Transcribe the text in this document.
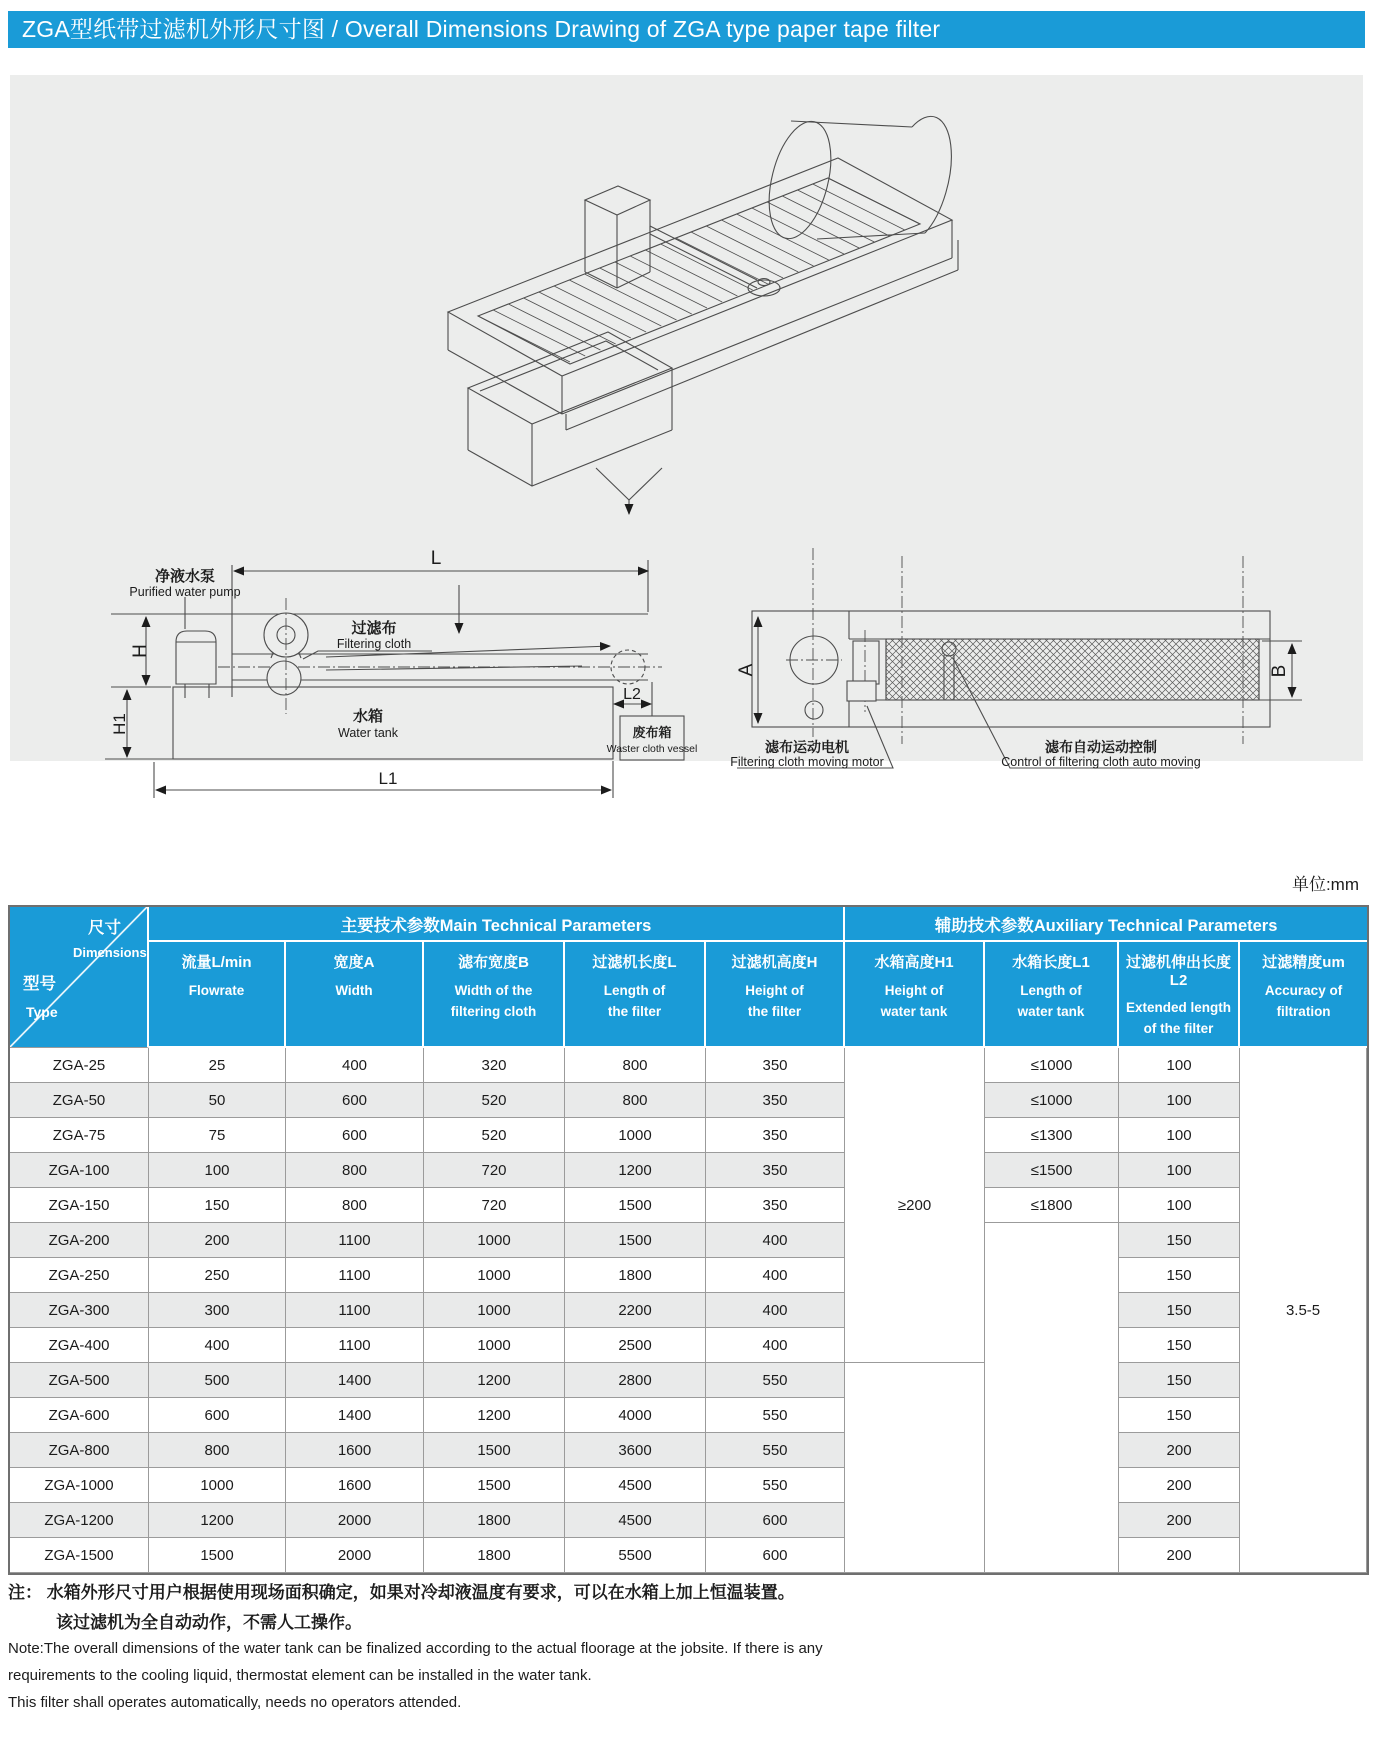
ZGA型纸带过滤机外形尺寸图 / Overall Dimensions Drawing of ZGA type paper tape filter
净液水泵
Purified water pump
过滤布
Filtering cloth
水箱
Water tank	废布箱
Waster cloth vessel	滤布运动电机
Filtering cloth moving motor
滤布自动运动控制
Control of filtering cloth auto moving
L
L1
L2
H
H1
A	B
单位:mm
尺寸
Dimensions
型号
Type	主要技术参数Main Technical Parameters					辅助技术参数Auxiliary Technical Parameters			

流量L/min
Flowrate

宽度A
Width

滤布宽度B
Width of the
filtering cloth

过滤机长度L
Length of
the filter

过滤机高度H
Height of
the filter

水箱高度H1
Height of
water tank

水箱长度L1
Length of
water tank

过滤机伸出长度L2
Extended length
of the filter

过滤精度um
Accuracy of
filtration

ZGA-25	25	400	320	800	350	≥200	≤1000	100	3.5-5
ZGA-50	50	600	520	800	350		≤1000	100	
ZGA-75	75	600	520	1000	350		≤1300	100	
ZGA-100	100	800	720	1200	350		≤1500	100	
ZGA-150	150	800	720	1500	350		≤1800	100	
ZGA-200	200	1100	1000	1500	400			150	
ZGA-250	250	1100	1000	1800	400			150	
ZGA-300	300	1100	1000	2200	400			150	
ZGA-400	400	1100	1000	2500	400			150	
ZGA-500	500	1400	1200	2800	550			150	
ZGA-600	600	1400	1200	4000	550			150	
ZGA-800	800	1600	1500	3600	550			200	
ZGA-1000	1000	1600	1500	4500	550			200	
ZGA-1200	1200	2000	1800	4500	600			200	
ZGA-1500	1500	2000	1800	5500	600			200	
注： 水箱外形尺寸用户根据使用现场面积确定，如果对冷却液温度有要求，可以在水箱上加上恒温装置。
该过滤机为全自动动作，不需人工操作。
Note:The overall dimensions of the water tank can be finalized according to the actual floorage at the jobsite. If there is any
requirements to the cooling liquid, thermostat element can be installed in the water tank.
This filter shall operates automatically, needs no operators attended.
